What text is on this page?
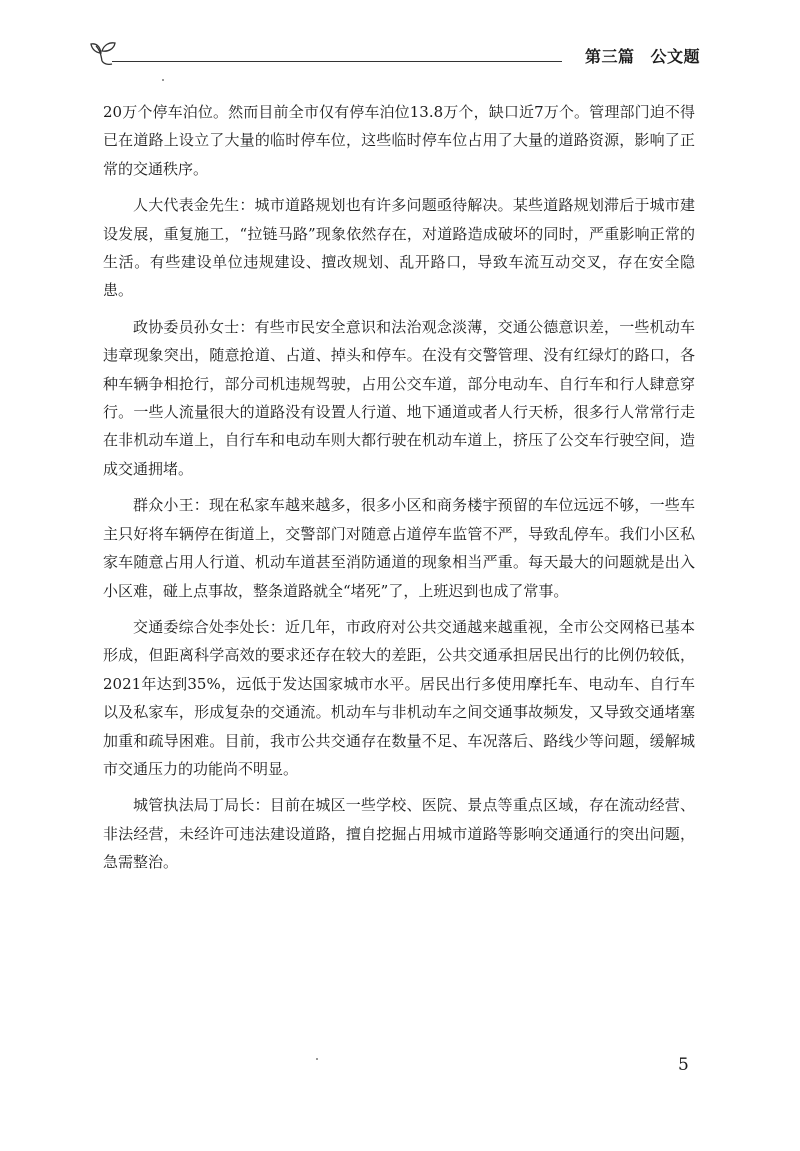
第三篇 公文题

20万个停车泊位。然而目前全市仅有停车泊位13.8万个，缺口近7万个。管理部门迫不得已在道路上设立了大量的临时停车位，这些临时停车位占用了大量的道路资源，影响了正常的交通秩序。

人大代表金先生：城市道路规划也有许多问题亟待解决。某些道路规划滞后于城市建设发展，重复施工，“拉链马路”现象依然存在，对道路造成破坏的同时，严重影响正常的生活。有些建设单位违规建设、擅改规划、乱开路口，导致车流互动交叉，存在安全隐患。

政协委员孙女士：有些市民安全意识和法治观念淡薄，交通公德意识差，一些机动车违章现象突出，随意抢道、占道、掉头和停车。在没有交警管理、没有红绿灯的路口，各种车辆争相抢行，部分司机违规驾驶，占用公交车道，部分电动车、自行车和行人肆意穿行。一些人流量很大的道路没有设置人行道、地下通道或者人行天桥，很多行人常常行走在非机动车道上，自行车和电动车则大都行驶在机动车道上，挤压了公交车行驶空间，造成交通拥堵。

群众小王：现在私家车越来越多，很多小区和商务楼宇预留的车位远远不够，一些车主只好将车辆停在街道上，交警部门对随意占道停车监管不严，导致乱停车。我们小区私家车随意占用人行道、机动车道甚至消防通道的现象相当严重。每天最大的问题就是出入小区难，碰上点事故，整条道路就全“堵死”了，上班迟到也成了常事。

交通委综合处李处长：近几年，市政府对公共交通越来越重视，全市公交网格已基本形成，但距离科学高效的要求还存在较大的差距，公共交通承担居民出行的比例仍较低，2021年达到35%，远低于发达国家城市水平。居民出行多使用摩托车、电动车、自行车以及私家车，形成复杂的交通流。机动车与非机动车之间交通事故频发，又导致交通堵塞加重和疏导困难。目前，我市公共交通存在数量不足、车况落后、路线少等问题，缓解城市交通压力的功能尚不明显。

城管执法局丁局长：目前在城区一些学校、医院、景点等重点区域，存在流动经营、非法经营，未经许可违法建设道路，擅自挖掘占用城市道路等影响交通通行的突出问题，急需整治。

5
